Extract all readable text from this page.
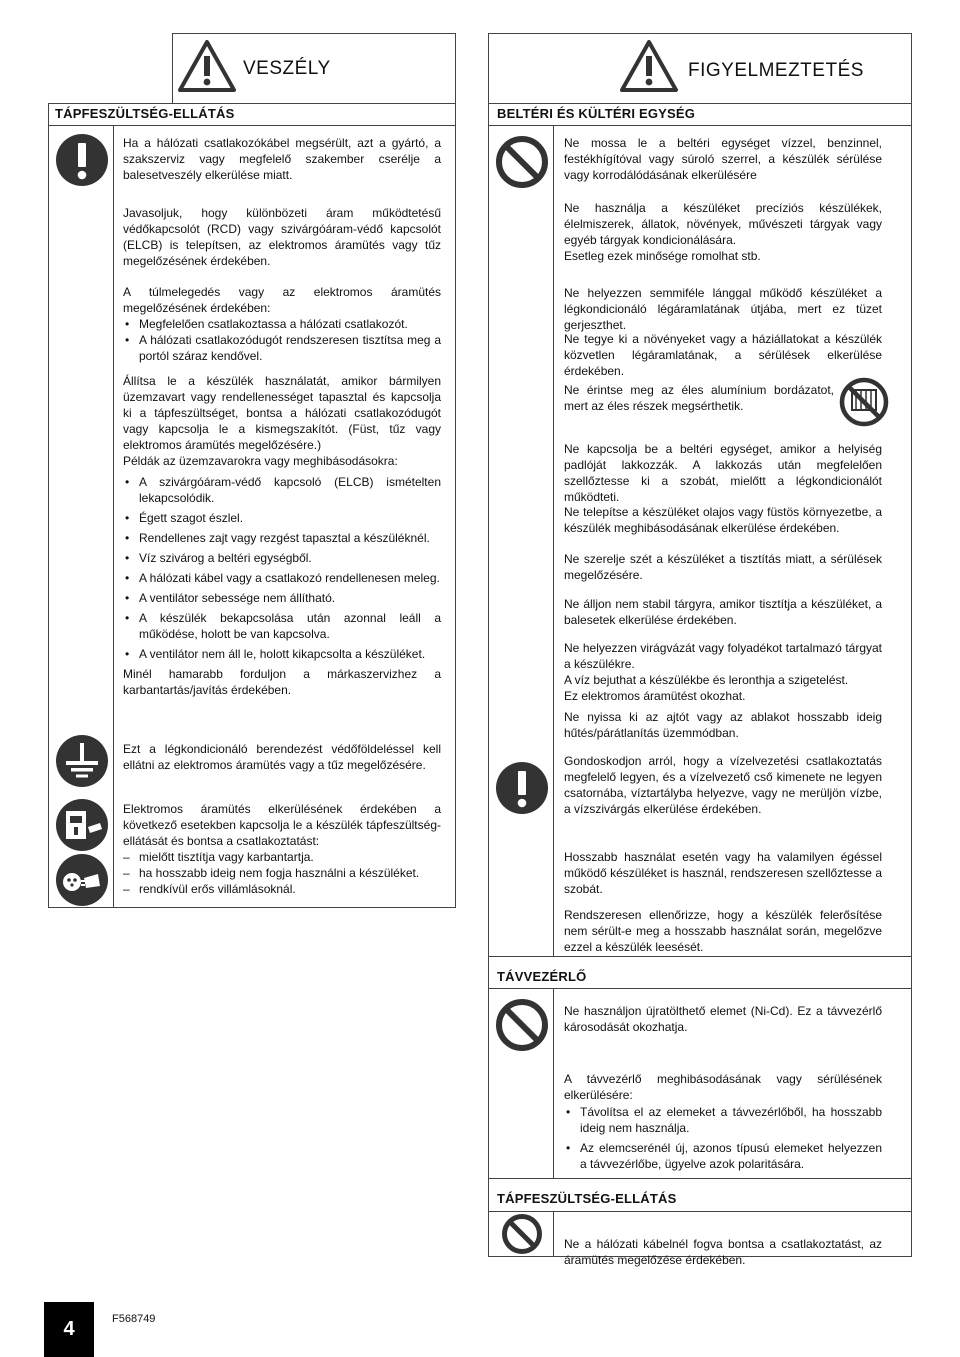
VESZÉLY
TÁPFESZÜLTSÉG-ELLÁTÁS
Ha a hálózati csatlakozókábel megsérült, azt a gyártó, a szakszerviz vagy megfelelő szakember cserélje a balesetveszély elkerülése miatt.
Javasoljuk, hogy különbözeti áram működtetésű védőkapcsolót (RCD) vagy szivárgóáram-védő kapcsolót (ELCB) is telepítsen, az elektromos áramütés vagy tűz megelőzésének érdekében.

A túlmelegedés vagy az elektromos áramütés megelőzésének érdekében:

• Megfelelően csatlakoztassa a hálózati csatlakozót.
• A hálózati csatlakozódugót rendszeresen tisztítsa meg a portól száraz kendővel.

Állítsa le a készülék használatát, amikor bármilyen üzemzavart vagy rendellenességet tapasztal és kapcsolja ki a tápfeszültséget, bontsa a hálózati csatlakozódugót vagy kapcsolja le a kismegszakítót. (Füst, tűz vagy elektromos áramütés megelőzésére.)

Példák az üzemzavarokra vagy meghibásodásokra:

• A szivárgóáram-védő kapcsoló (ELCB) ismételten lekapcsolódik.
• Égett szagot észlel.
• Rendellenes zajt vagy rezgést tapasztal a készüléknél.
• Víz szivárog a beltéri egységből.
• A hálózati kábel vagy a csatlakozó rendellenesen meleg.
• A ventilátor sebessége nem állítható.
• A készülék bekapcsolása után azonnal leáll a működése, holott be van kapcsolva.
• A ventilátor nem áll le, holott kikapcsolta a készüléket.

Minél hamarabb forduljon a márkaszervizhez a karbantartás/javítás érdekében.

Ezt a légkondicionáló berendezést védőföldeléssel kell ellátni az elektromos áramütés vagy a tűz megelőzésére.

Elektromos áramütés elkerülésének érdekében a következő esetekben kapcsolja le a készülék tápfeszültség-ellátását és bontsa a csatlakoztatást:

– mielőtt tisztítja vagy karbantartja.
– ha hosszabb ideig nem fogja használni a készüléket.
– rendkívül erős villámlásoknál.
FIGYELMEZTETÉS
BELTÉRI ÉS KÜLTÉRI EGYSÉG
Ne mossa le a beltéri egységet vízzel, benzinnel, festékhígítóval vagy súroló szerrel, a készülék sérülése vagy korrodálódásának elkerülésére

Ne használja a készüléket precíziós készülékek, élelmiszerek, állatok, növények, művészeti tárgyak vagy egyéb tárgyak kondicionálására.

Esetleg ezek minősége romolhat stb.

Ne helyezzen semmiféle lánggal működő készüléket a légkondicionáló légáramlatának útjába, mert ez tüzet gerjeszthet.
Ne tegye ki a növényeket vagy a háziállatokat a készülék közvetlen légáramlatának, a sérülések elkerülése érdekében.
Ne érintse meg az éles alumínium bordázatot, mert az éles részek megsérthetik.
Ne kapcsolja be a beltéri egységet, amikor a helyiség padlóját lakkozzák. A lakkozás után megfelelően szellőztesse ki a szobát, mielőtt a légkondicionálót működteti.
Ne telepítse a készüléket olajos vagy füstös környezetbe, a készülék meghibásodásának elkerülése érdekében.
Ne szerelje szét a készüléket a tisztítás miatt, a sérülések megelőzésére.
Ne álljon nem stabil tárgyra, amikor tisztítja a készüléket, a balesetek elkerülése érdekében.

Ne helyezzen virágvázát vagy folyadékot tartalmazó tárgyat a készülékre.

A víz bejuthat a készülékbe és leronthja a szigetelést.

Ez elektromos áramütést okozhat.

Ne nyissa ki az ajtót vagy az ablakot hosszabb ideig hűtés/párátlanítás üzemmódban.
Gondoskodjon arról, hogy a vízelvezetési csatlakoztatás megfelelő legyen, és a vízelvezető cső kimenete ne legyen csatornába, víztartályba helyezve, vagy ne merüljön vízbe, a vízszivárgás elkerülése érdekében.
Hosszabb használat esetén vagy ha valamilyen égéssel működő készüléket is használ, rendszeresen szellőztesse a szobát.
Rendszeresen ellenőrizze, hogy a készülék felerősítése nem sérült-e meg a hosszabb használat során, megelőzve ezzel a készülék leesését.
TÁVVEZÉRLŐ
Ne használjon újratölthető elemet (Ni-Cd). Ez a távvezérlő károsodását okozhatja.

A távvezérlő meghibásodásának vagy sérülésének elkerülésére:

• Távolítsa el az elemeket a távvezérlőből, ha hosszabb ideig nem használja.
• Az elemcserénél új, azonos típusú elemeket helyezzen a távvezérlőbe, ügyelve azok polaritására.
TÁPFESZÜLTSÉG-ELLÁTÁS
Ne a hálózati kábelnél fogva bontsa a csatlakoztatást, az áramütés megelőzése érdekében.
4	F568749
